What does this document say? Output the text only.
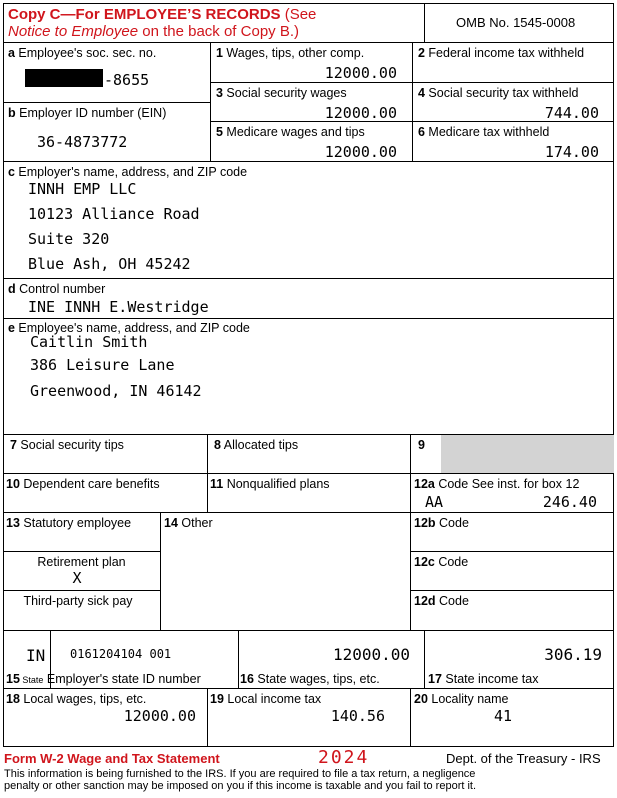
Copy C—For EMPLOYEE’S RECORDS (See
Notice to Employee on the back of Copy B.)
OMB No. 1545-0008
a Employee's soc. sec. no.
-8655
b Employer ID number (EIN)
36-4873772
1 Wages, tips, other comp.
12000.00
2 Federal income tax withheld
3 Social security wages
12000.00
4 Social security tax withheld
744.00
5 Medicare wages and tips
12000.00
6 Medicare tax withheld
174.00
c Employer's name, address, and ZIP code
INNH EMP LLC
10123 Alliance Road
Suite 320
Blue Ash, OH 45242
d Control number
INE INNH E.Westridge
e Employee's name, address, and ZIP code
Caitlin Smith
386 Leisure Lane
Greenwood, IN 46142
7 Social security tips	8 Allocated tips	9
10 Dependent care benefits	11 Nonqualified plans	12a Code See inst. for box 12
AA	246.40
13 Statutory employee	14 Other	12b Code
Retirement plan
X
12c Code
Third-party sick pay	12d Code
IN 0161204104 001	12000.00	306.19
15 State Employer's state ID number	16 State wages, tips, etc.	17 State income tax
18 Local wages, tips, etc.
12000.00
19 Local income tax
140.56
20 Locality name
41
Form W-2 Wage and Tax Statement	2024	Dept. of the Treasury - IRS
This information is being furnished to the IRS. If you are required to file a tax return, a negligence
penalty or other sanction may be imposed on you if this income is taxable and you fail to report it.
